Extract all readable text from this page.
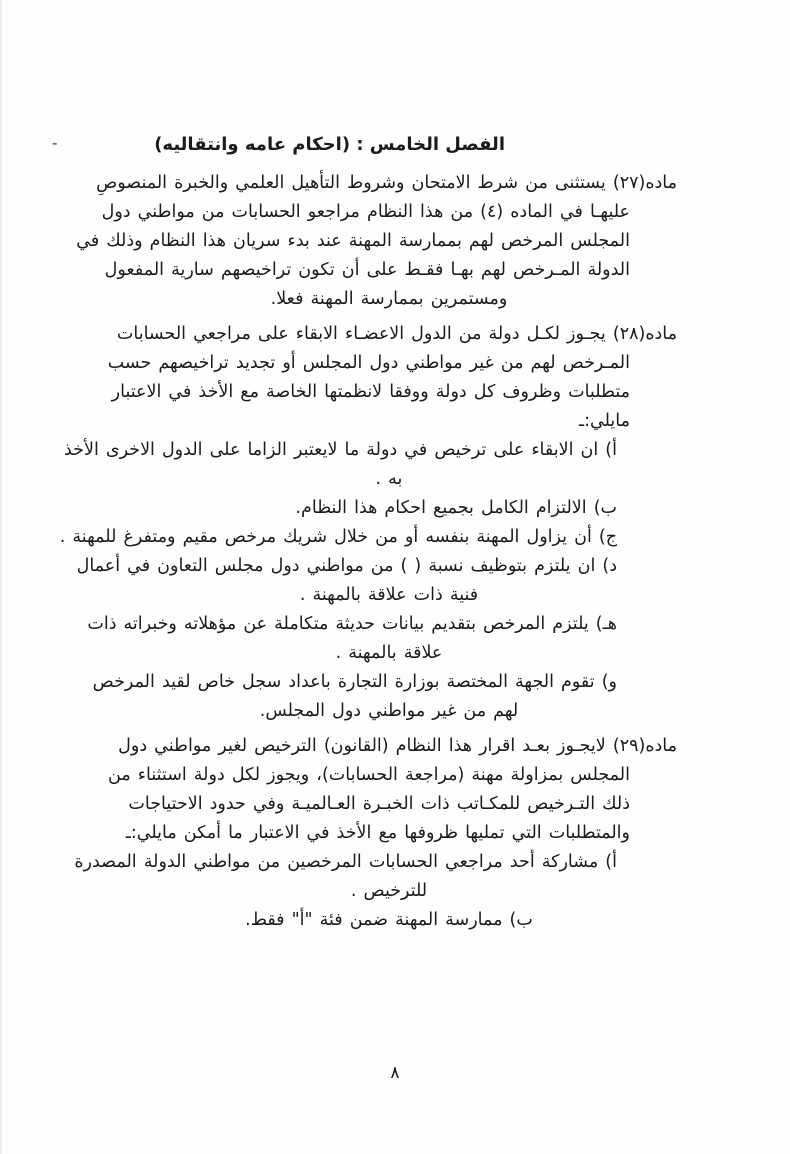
-	الفصل الخامس : (احكام عامه وانتقاليه)
ماده(٢٧) يستثنى من شرط الامتحان وشروط التأهيل العلمي والخبرة المنصوصِ
عليهـا في الماده (٤) من هذا النظام مراجعو الحسابات من مواطني دول
المجلس المرخص لهم بممارسة المهنة عند بدء سريان هذا النظام وذلك في
الدولة المـرخص لهم بهـا فقـط على أن تكون تراخيصهم سارية المفعول
ومستمرين بممارسة المهنة فعلا.
ماده(٢٨) يجـوز لكـل دولة من الدول الاعضـاء الابقاء على مراجعي الحسابات
المـرخص لهم من غير مواطني دول المجلس أو تجديد تراخيصهم حسب
متطلبات وظروف كل دولة ووفقا لانظمتها الخاصة مع الأخذ في الاعتبار
مايلي:ـ
أ) ان الابقاء على ترخيص في دولة ما لايعتبر الزاما على الدول الاخرى الأخذ
به .
ب) الالتزام الكامل بجميع احكام هذا النظام.
ج) أن يزاول المهنة بنفسه أو من خلال شريك مرخص مقيم ومتفرغ للمهنة .
د) ان يلتزم بتوظيف نسبة ( ) من مواطني دول مجلس التعاون في أعمال
فنية ذات علاقة بالمهنة .
هـ) يلتزم المرخص بتقديم بيانات حديثة متكاملة عن مؤهلاته وخبراته ذات
علاقة بالمهنة .
و) تقوم الجهة المختصة بوزارة التجارة باعداد سجل خاص لقيد المرخص
لهم من غير مواطني دول المجلس.
ماده(٢٩) لايجـوز بعـد اقرار هذا النظام (القانون) الترخيص لغير مواطني دول
المجلس بمزاولة مهنة (مراجعة الحسابات)، ويجوز لكل دولة استثناء من
ذلك التـرخيص للمكـاتب ذات الخبـرة العـالميـة وفي حدود الاحتياجات
والمتطلبات التي تمليها ظروفها مع الأخذ في الاعتبار ما أمكن مايلي:ـ
أ) مشاركة أحد مراجعي الحسابات المرخصين من مواطني الدولة المصدرة
للترخيص .
ب) ممارسة المهنة ضمن فئة "أ" فقط.
٨
